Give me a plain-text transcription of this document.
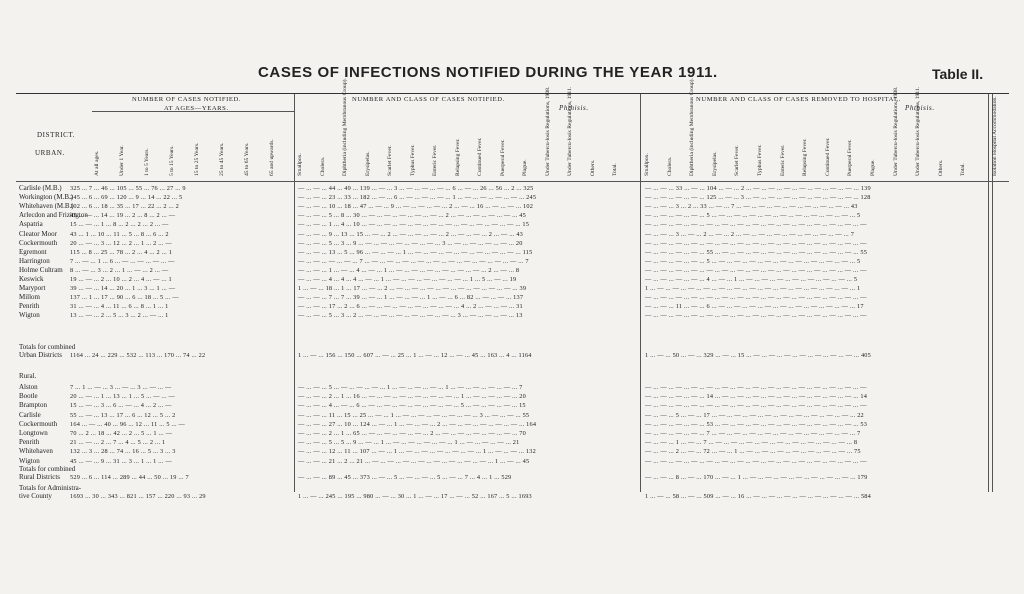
CASES OF INFECTIONS NOTIFIED DURING THE YEAR 1911.	Table II.
NUMBER OF CASES NOTIFIED.
AT AGES—YEARS.
NUMBER AND CLASS OF CASES NOTIFIED.
Phthisis.
NUMBER AND CLASS OF CASES REMOVED TO HOSPITAL.
Phthisis.
DISTRICT.
URBAN.	At all ages.	Under 1 Year.	1 to 5 Years.	5 to 15 Years.	15 to 25 Years.	25 to 45 Years.	45 to 65 Years.	65 and upwards.	Smallpox.	Cholera.	Diphtheria (including Membranous Croup).	Erysipelas.	Scarlet Fever.	Typhus Fever.	Enteric Fever.	Relapsing Fever.	Continued Fever.	Puerperal Fever.	Plague.	Under Tubercu-losis Regulations, 1908.	Under Tubercu-losis Regulations, 1911.	Others.	Total.	Smallpox.	Cholera.	Diphtheria (including Membranous Croup).	Erysipelas.	Scarlet Fever.	Typhus Fever.	Enteric Fever.	Relapsing Fever.	Continued Fever.	Puerperal Fever.	Plague.	Under Tubercu-losis Regulations, 1908.	Under Tubercu-losis Regulations, 1911.	Others.	Total.	Isolation Hospital Accommodation.
Carlisle (M.B.) 325 ... 7 ... 46 ... 105 ... 55 ... 76 ... 27 ... 9	— ... — ... 44 ... 49 ... 139 ... — ... 3 ... — ... — ... — ... 6 ... — ... 26 ... 56 ... 2 ... 325	— ... — ... 33 ... — ... 104 ... — ... 2 ... — ... — ... — ... — ... — ... — ... — ... 139
Workington (M.B.)
245 ... 6 ... 69 ... 120 ... 9 ... 14 ... 22 ... 5	— ... — ... 23 ... 33 ... 182 ... — ... 6 ... — ... — ... — ... 1 ... — ... — ... — ... — ... 245	— ... — ... — ... — ... 125 ... — ... 3 ... — ... — ... — ... — ... — ... — ... — ... 128
Whitehaven (M.B.)
102 ... 6 ... 18 ... 35 ... 17 ... 22 ... 2 ... 2	— ... — ... 10 ... 18 ... 47 ... — ... 9 ... — ... — ... — ... 2 ... — ... 16 ... — ... — ... 102	— ... — ... 3 ... 2 ... 33 ... — ... 7 ... — ... — ... — ... — ... — ... — ... — ... 43
Arlecdon and Frizington
45 ... — ... 14 ... 19 ... 2 ... 8 ... 2 ... —	— ... — ... 5 ... 8 ... 30 ... — ... — ... — ... — ... — ... 2 ... — ... — ... — ... — ... 45	— ... — ... — ... — ... 5 ... — ... — ... — ... — ... — ... — ... — ... — ... — ... 5
Aspatria	15 ... — ... 1 ... 8 ... 2 ... 2 ... 2 ... —	— ... — ... 1 ... 4 ... 10 ... — ... — ... — ... — ... — ... — ... — ... — ... — ... — ... 15	— ... — ... — ... — ... — ... — ... — ... — ... — ... — ... — ... — ... — ... — ... —
Cleator Moor 43 ... 1 ... 10 ... 11 ... 5 ... 8 ... 6 ... 2	— ... — ... 9 ... 13 ... 15 ... — ... 2 ... — ... — ... — ... 2 ... — ... — ... 2 ... — ... 43	— ... — ... 3 ... — ... 2 ... — ... 2 ... — ... — ... — ... — ... — ... — ... — ... 7
Cockermouth 20 ... — ... 3 ... 12 ... 2 ... 1 ... 2 ... —	— ... — ... 5 ... 3 ... 9 ... — ... — ... — ... — ... — ... 3 ... — ... — ... — ... — ... 20	— ... — ... — ... — ... — ... — ... — ... — ... — ... — ... — ... — ... — ... — ... —
Egremont	115 ... 8 ... 25 ... 78 ... 2 ... 4 ... 2 ... 1	— ... — ... 13 ... 5 ... 96 ... — ... — ... 1 ... — ... — ... — ... — ... — ... — ... — ... 115	— ... — ... — ... — ... 55 ... — ... — ... — ... — ... — ... — ... — ... — ... — ... 55
Harrington	7 ... — ... 1 ... 6 ... — ... — ... — ... —	— ... — ... — ... — ... 7 ... — ... — ... — ... — ... — ... — ... — ... — ... — ... — ... 7	— ... — ... — ... — ... 5 ... — ... — ... — ... — ... — ... — ... — ... — ... — ... 5
Holme Cultram 8 ... — ... 3 ... 2 ... 1 ... — ... 2 ... —	— ... — ... 1 ... — ... 4 ... — ... 1 ... — ... — ... — ... — ... — ... — ... 2 ... — ... 8	— ... — ... — ... — ... — ... — ... — ... — ... — ... — ... — ... — ... — ... — ... —
Keswick	19 ... — ... 2 ... 10 ... 2 ... 4 ... — ... 1	— ... — ... 4 ... 4 ... 4 ... — ... 1 ... — ... — ... — ... — ... — ... 1 ... 5 ... — ... 19	— ... — ... — ... — ... 4 ... — ... 1 ... — ... — ... — ... — ... — ... — ... — ... 5
Maryport	39 ... — ... 14 ... 20 ... 1 ... 3 ... 1 ... —	1 ... — ... 18 ... 1 ... 17 ... — ... 2 ... — ... — ... — ... — ... — ... — ... — ... — ... 39	1 ... — ... — ... — ... — ... — ... — ... — ... — ... — ... — ... — ... — ... — ... 1
Millom	137 ... 1 ... 17 ... 90 ... 6 ... 18 ... 5 ... —	— ... — ... 7 ... 7 ... 39 ... — ... 1 ... — ... — ... 1 ... — ... 6 ... 82 ... — ... — ... 137	— ... — ... — ... — ... — ... — ... — ... — ... — ... — ... — ... — ... — ... — ... —
Penrith	31 ... — ... 4 ... 11 ... 6 ... 8 ... 1 ... 1	— ... — ... 17 ... 2 ... 6 ... — ... — ... — ... — ... — ... — ... 4 ... 2 ... — ... — ... 31	— ... — ... 11 ... — ... 6 ... — ... — ... — ... — ... — ... — ... — ... — ... — ... 17
Wigton	13 ... — ... 2 ... 5 ... 3 ... 2 ... — ... 1	— ... — ... 5 ... 3 ... 2 ... — ... — ... — ... — ... — ... — ... 3 ... — ... — ... — ... 13	— ... — ... — ... — ... — ... — ... — ... — ... — ... — ... — ... — ... — ... — ... —
Totals for combined
Urban Districts 1164 ... 24 ... 229 ... 532 ... 113 ... 170 ... 74 ... 22	1 ... — ... 156 ... 150 ... 607 ... — ... 25 ... 1 ... — ... 12 ... — ... 45 ... 163 ... 4 ... 1164	1 ... — ... 50 ... — ... 329 ... — ... 15 ... — ... — ... — ... — ... — ... — ... — ... 405
Rural.
Alston	7 ... 1 ... — ... 3 ... — ... 3 ... — ... —	— ... — ... 5 ... — ... — ... — ... 1 ... — ... — ... — ... 1 ... — ... — ... — ... — ... 7	— ... — ... — ... — ... — ... — ... — ... — ... — ... — ... — ... — ... — ... — ... —
Bootle	20 ... — ... 1 ... 13 ... 1 ... 5 ... — ... —	— ... — ... 2 ... 1 ... 16 ... — ... — ... — ... — ... — ... — ... 1 ... — ... — ... — ... 20	— ... — ... — ... — ... 14 ... — ... — ... — ... — ... — ... — ... — ... — ... — ... 14
Brampton	15 ... — ... 3 ... 6 ... — ... 4 ... 2 ... —	— ... — ... 4 ... — ... 6 ... — ... — ... — ... — ... — ... — ... 5 ... — ... — ... — ... 15	— ... — ... — ... — ... — ... — ... — ... — ... — ... — ... — ... — ... — ... — ... —
Carlisle	55 ... — ... 13 ... 17 ... 6 ... 12 ... 5 ... 2	— ... — ... 11 ... 15 ... 25 ... — ... 1 ... — ... — ... — ... — ... — ... 3 ... — ... — ... 55	— ... — ... 5 ... — ... 17 ... — ... — ... — ... — ... — ... — ... — ... — ... — ... 22
Cockermouth 164 ... — ... 40 ... 96 ... 12 ... 11 ... 5 ... —	— ... — ... 27 ... 10 ... 124 ... — ... 1 ... — ... — ... 2 ... — ... — ... — ... — ... — ... 164	— ... — ... — ... — ... 53 ... — ... — ... — ... — ... — ... — ... — ... — ... — ... 53
Longtown	70 ... 2 ... 18 ... 42 ... 2 ... 5 ... 1 ... —	— ... — ... 2 ... 1 ... 65 ... — ... — ... — ... — ... 2 ... — ... — ... — ... — ... — ... 70	— ... — ... — ... — ... 7 ... — ... — ... — ... — ... — ... — ... — ... — ... — ... 7
Penrith	21 ... — ... 2 ... 7 ... 4 ... 5 ... 2 ... 1	— ... — ... 5 ... 5 ... 9 ... — ... 1 ... — ... — ... — ... — ... 1 ... — ... — ... — ... 21	— ... — ... 1 ... — ... 7 ... — ... — ... — ... — ... — ... — ... — ... — ... — ... 8
Whitehaven	132 ... 3 ... 28 ... 74 ... 16 ... 5 ... 3 ... 3	— ... — ... 12 ... 11 ... 107 ... — ... 1 ... — ... — ... — ... — ... — ... 1 ... — ... — ... 132	— ... — ... 2 ... — ... 72 ... — ... 1 ... — ... — ... — ... — ... — ... — ... — ... 75
Wigton	45 ... — ... 9 ... 31 ... 3 ... 1 ... 1 ... —	— ... — ... 21 ... 2 ... 21 ... — ... — ... — ... — ... — ... — ... — ... — ... 1 ... — ... 45	— ... — ... — ... — ... — ... — ... — ... — ... — ... — ... — ... — ... — ... — ... —
Totals for combined
Rural Districts 529 ... 6 ... 114 ... 289 ... 44 ... 50 ... 19 ... 7	— ... — ... 89 ... 45 ... 373 ... — ... 5 ... — ... — ... 5 ... — ... 7 ... 4 ... 1 ... 529	— ... — ... 8 ... — ... 170 ... — ... 1 ... — ... — ... — ... — ... — ... — ... — ... 179
Totals for Administra-
tive County	1693 ... 30 ... 343 ... 821 ... 157 ... 220 ... 93 ... 29	1 ... — ... 245 ... 195 ... 980 ... — ... 30 ... 1 ... — ... 17 ... — ... 52 ... 167 ... 5 ... 1693	1 ... — ... 58 ... — ... 509 ... — ... 16 ... — ... — ... — ... — ... — ... — ... — ... 584
